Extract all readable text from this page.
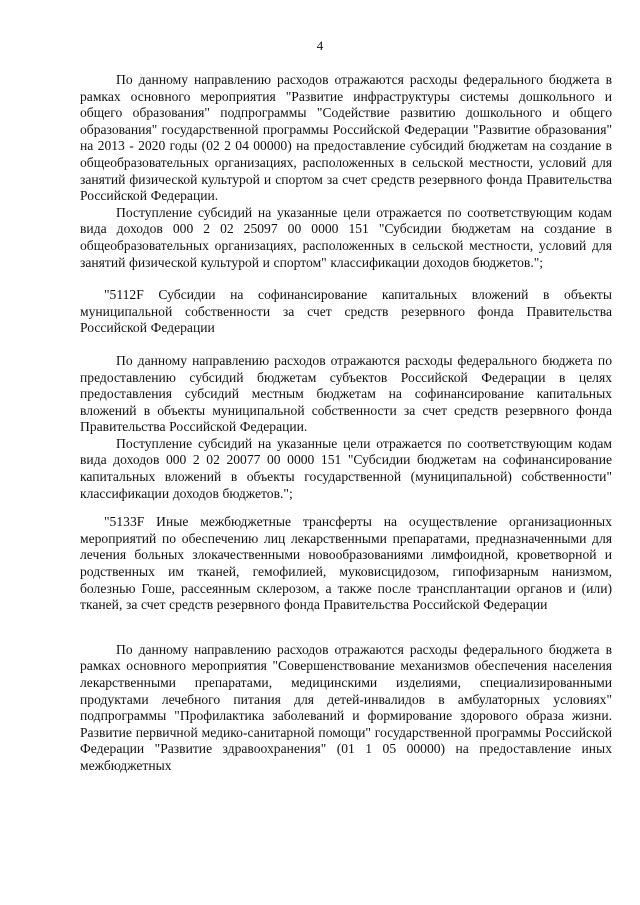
4

По данному направлению расходов отражаются расходы федерального бюджета в рамках основного мероприятия "Развитие инфраструктуры системы дошкольного и общего образования" подпрограммы "Содействие развитию дошкольного и общего образования" государственной программы Российской Федерации "Развитие образования" на 2013 - 2020 годы (02 2 04 00000) на предоставление субсидий бюджетам на создание в общеобразовательных организациях, расположенных в сельской местности, условий для занятий физической культурой и спортом за счет средств резервного фонда Правительства Российской Федерации.

Поступление субсидий на указанные цели отражается по соответствующим кодам вида доходов 000 2 02 25097 00 0000 151 "Субсидии бюджетам на создание в общеобразовательных организациях, расположенных в сельской местности, условий для занятий физической культурой и спортом" классификации доходов бюджетов.";

"5112F Субсидии на софинансирование капитальных вложений в объекты муниципальной собственности за счет средств резервного фонда Правительства Российской Федерации

По данному направлению расходов отражаются расходы федерального бюджета по предоставлению субсидий бюджетам субъектов Российской Федерации в целях предоставления субсидий местным бюджетам на софинансирование капитальных вложений в объекты муниципальной собственности за счет средств резервного фонда Правительства Российской Федерации.

Поступление субсидий на указанные цели отражается по соответствующим кодам вида доходов 000 2 02 20077 00 0000 151 "Субсидии бюджетам на софинансирование капитальных вложений в объекты государственной (муниципальной) собственности" классификации доходов бюджетов.";

"5133F Иные межбюджетные трансферты на осуществление организационных мероприятий по обеспечению лиц лекарственными препаратами, предназначенными для лечения больных злокачественными новообразованиями лимфоидной, кроветворной и родственных им тканей, гемофилией, муковисцидозом, гипофизарным нанизмом, болезнью Гоше, рассеянным склерозом, а также после трансплантации органов и (или) тканей, за счет средств резервного фонда Правительства Российской Федерации

По данному направлению расходов отражаются расходы федерального бюджета в рамках основного мероприятия "Совершенствование механизмов обеспечения населения лекарственными препаратами, медицинскими изделиями, специализированными продуктами лечебного питания для детей-инвалидов в амбулаторных условиях" подпрограммы "Профилактика заболеваний и формирование здорового образа жизни. Развитие первичной медико-санитарной помощи" государственной программы Российской Федерации "Развитие здравоохранения" (01 1 05 00000) на предоставление иных межбюджетных
